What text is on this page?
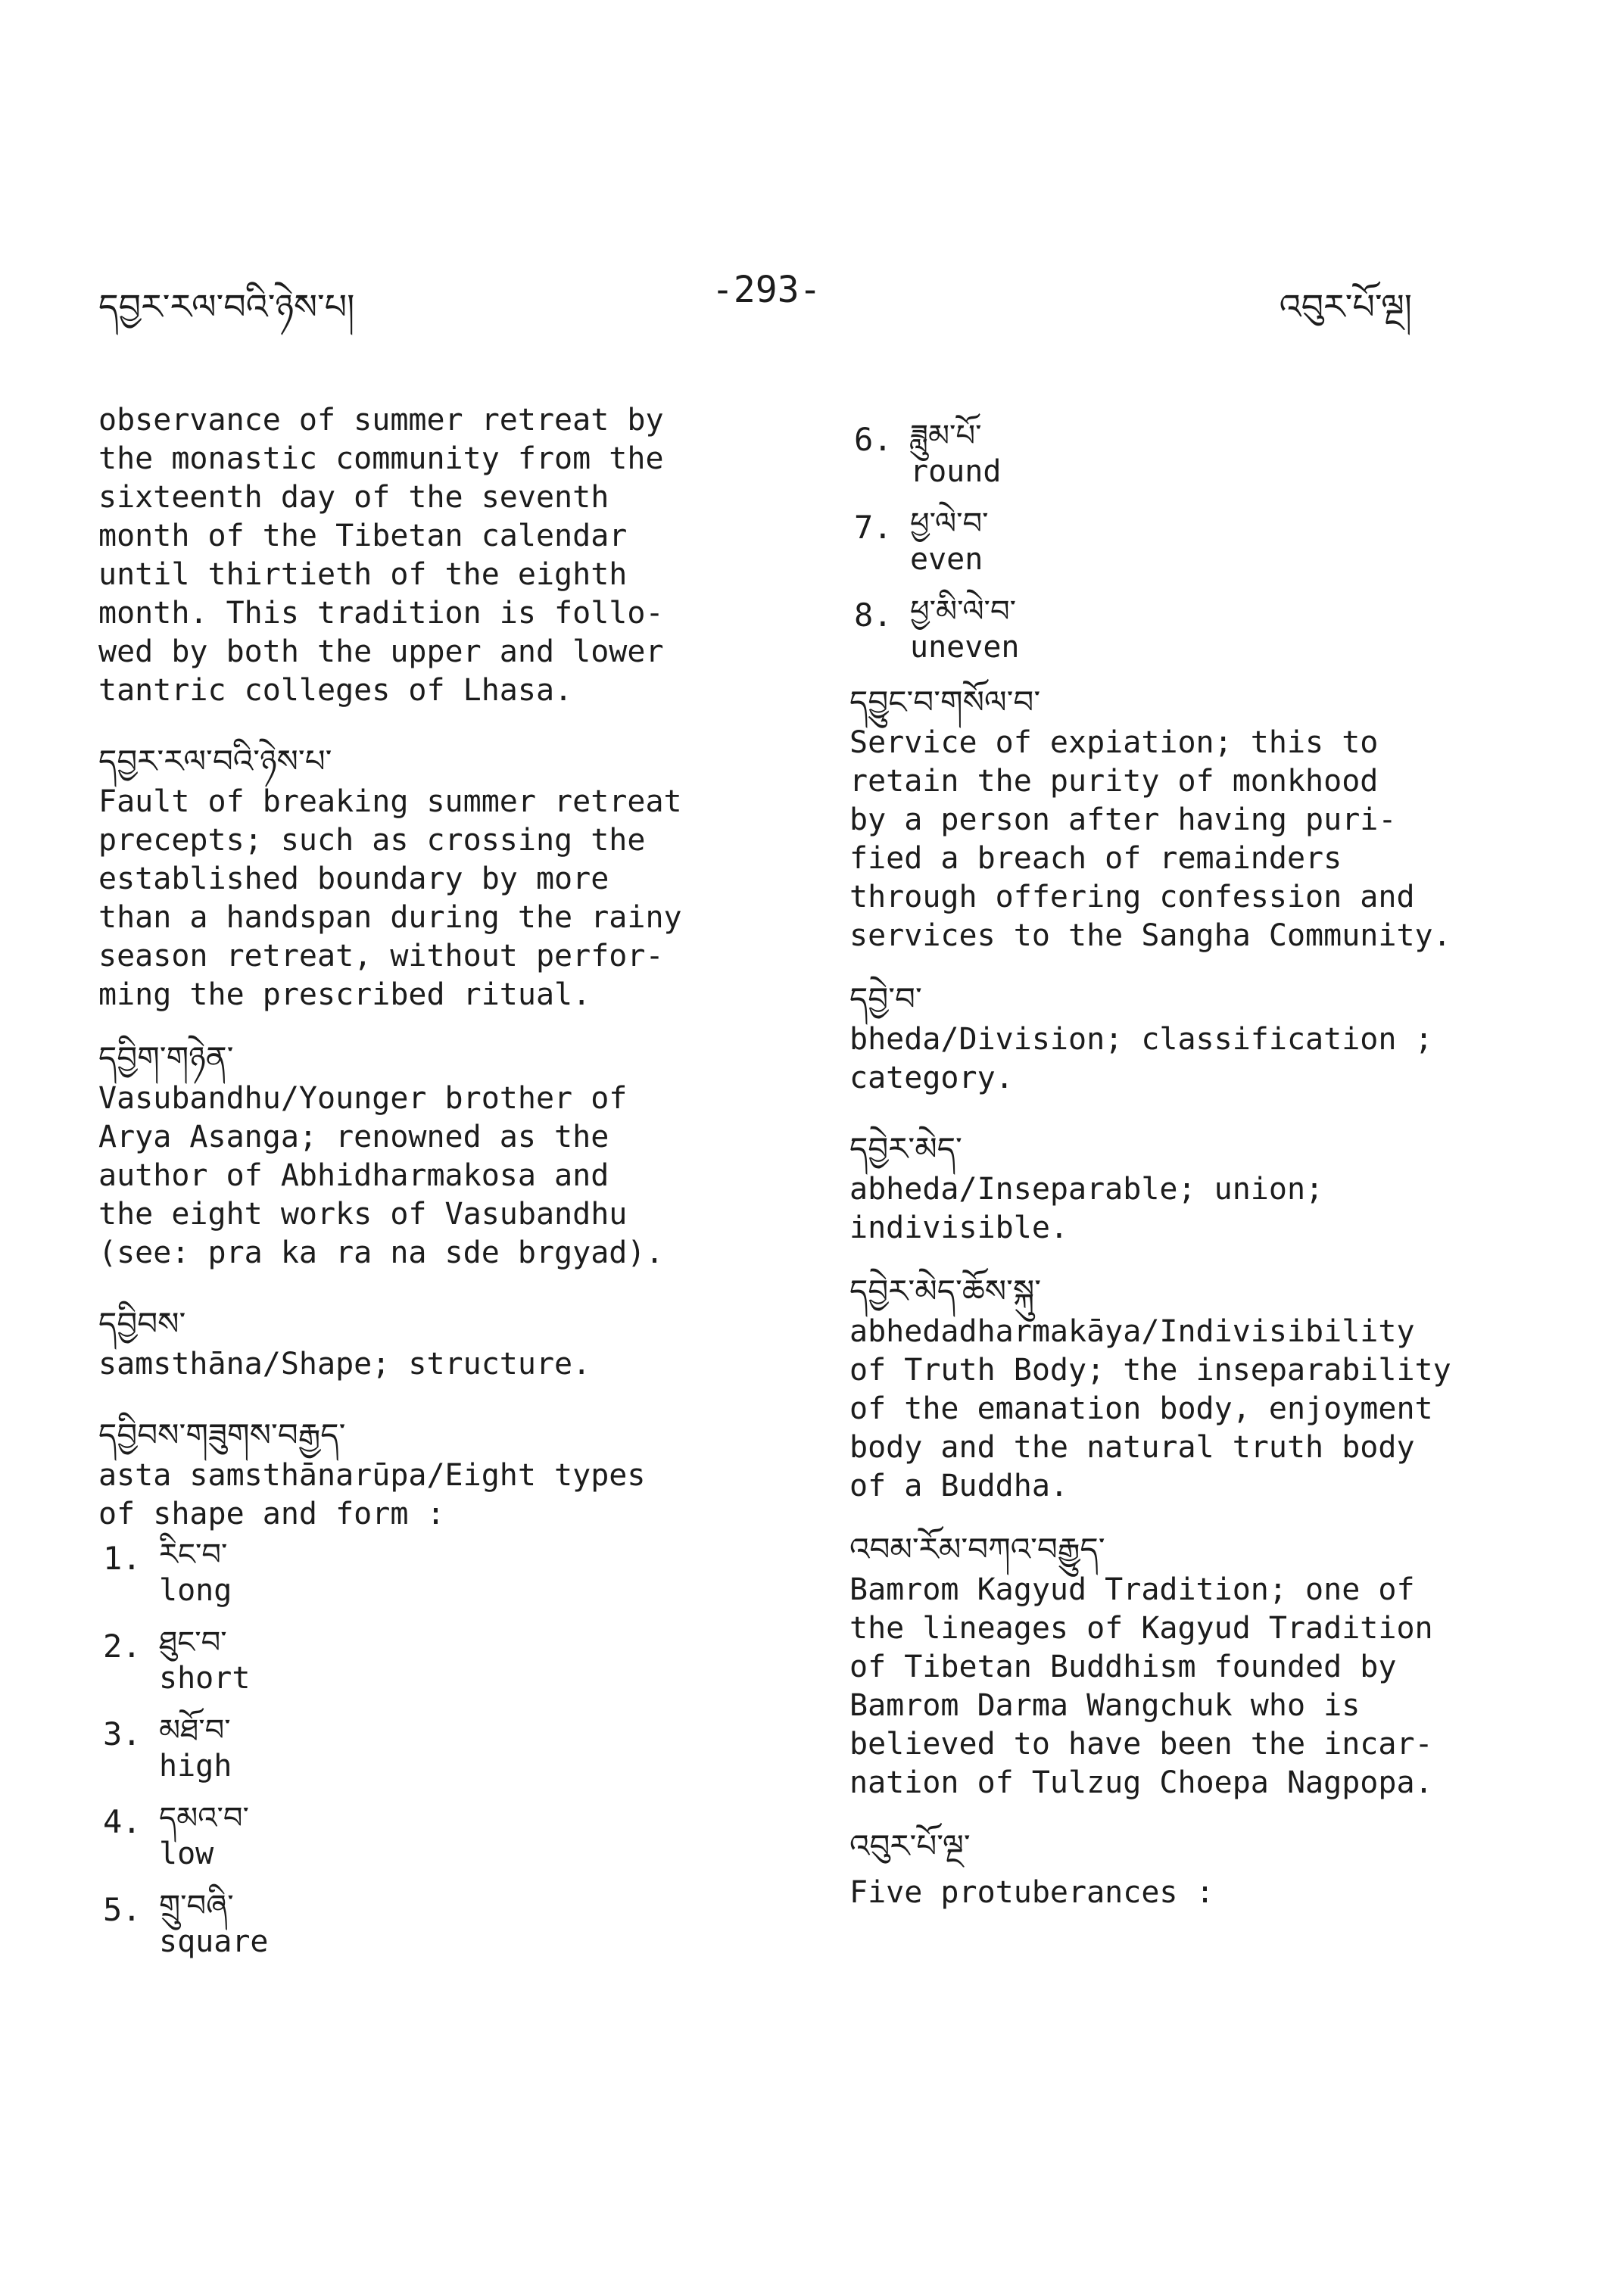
དབྱར་རལ་བའི་ཉེས་པ།	-293-	འབུར་པོ་ལྔ།

observance of summer retreat by
the monastic community from the
sixteenth day of the seventh
month of the Tibetan calendar
until thirtieth of the eighth
month. This tradition is follo-
wed by both the upper and lower
tantric colleges of Lhasa.

དབྱར་རལ་བའི་ཉེས་པ་

Fault of breaking summer retreat
precepts; such as crossing the
established boundary by more
than a handspan during the rainy
season retreat, without perfor-
ming the prescribed ritual.

དབྱིག་གཉེན་

Vasubandhu/Younger brother of
Arya Asanga; renowned as the
author of Abhidharmakosa and
the eight works of Vasubandhu
(see: pra ka ra na sde brgyad).

དབྱིབས་

samsthāna/Shape; structure.

དབྱིབས་གཟུགས་བརྒྱད་

asta samsthānarūpa/Eight types
of shape and form :

1. རིང་བ་

long

2. ཐུང་བ་

short

3. མཐོ་བ་

high

4. དམའ་བ་

low

5. གྲུ་བཞི་

square

6. ཟླུམ་པོ་

round

7. ཕྱ་ལེ་བ་

even

8. ཕྱ་མི་ལེ་བ་

uneven

དབྱུང་བ་གསོལ་བ་

Service of expiation; this to
retain the purity of monkhood
by a person after having puri-
fied a breach of remainders
through offering confession and
services to the Sangha Community.

དབྱེ་བ་

bheda/Division; classification ;
category.

དབྱེར་མེད་

abheda/Inseparable; union;
indivisible.

དབྱེར་མེད་ཆོས་སྐུ་

abhedadharmakāya/Indivisibility
of Truth Body; the inseparability
of the emanation body, enjoyment
body and the natural truth body
of a Buddha.

འབམ་རོམ་བཀའ་བརྒྱུད་

Bamrom Kagyud Tradition; one of
the lineages of Kagyud Tradition
of Tibetan Buddhism founded by
Bamrom Darma Wangchuk who is
believed to have been the incar-
nation of Tulzug Choepa Nagpopa.

འབུར་པོ་ལྔ་

Five protuberances :
